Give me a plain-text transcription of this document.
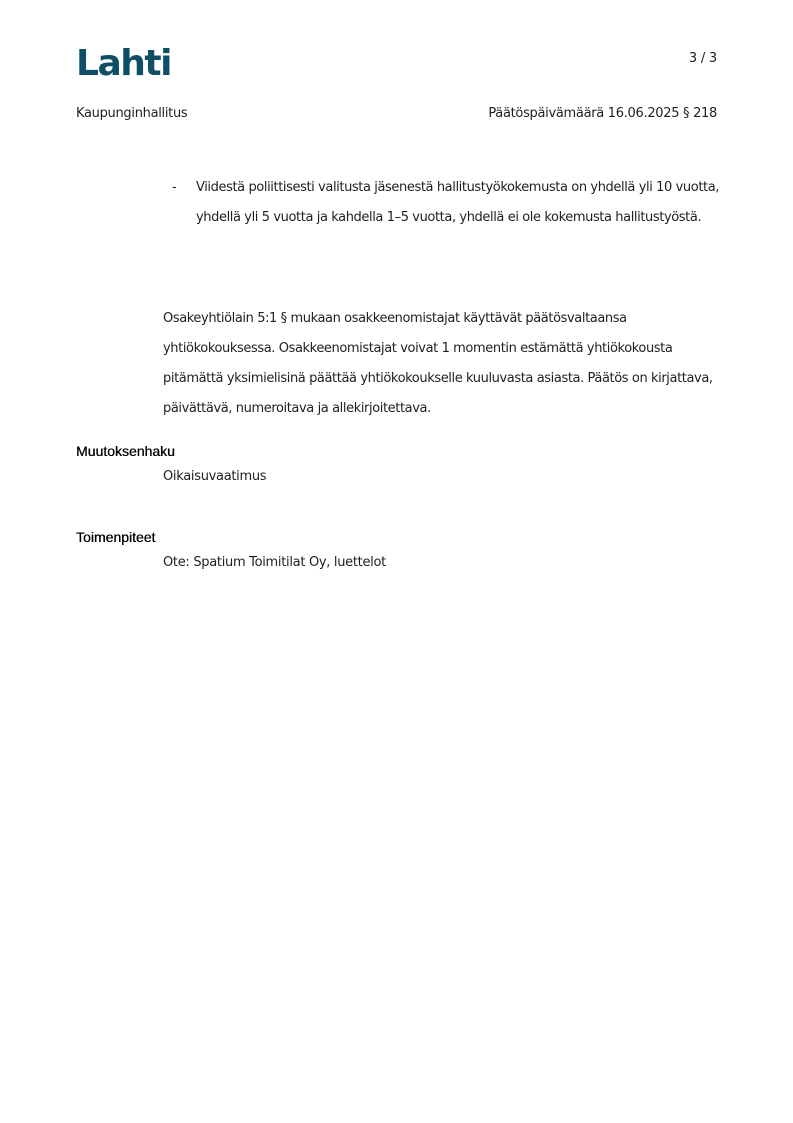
Lahti	3 / 3
Kaupunginhallitus	Päätöspäivämäärä 16.06.2025 § 218
-	Viidestä poliittisesti valitusta jäsenestä hallitustyökokemusta on yhdellä yli 10 vuotta, yhdellä yli 5 vuotta ja kahdella 1–5 vuotta, yhdellä ei ole kokemusta hallitustyöstä.

Osakeyhtiölain 5:1 § mukaan osakkeenomistajat käyttävät päätösvaltaansa yhtiökokouksessa. Osakkeenomistajat voivat 1 momentin estämättä yhtiökokousta pitämättä yksimielisinä päättää yhtiökokoukselle kuuluvasta asiasta. Päätös on kirjattava, päivättävä, numeroitava ja allekirjoitettava.

Muutoksenhaku

Oikaisuvaatimus

Toimenpiteet

Ote: Spatium Toimitilat Oy, luettelot
